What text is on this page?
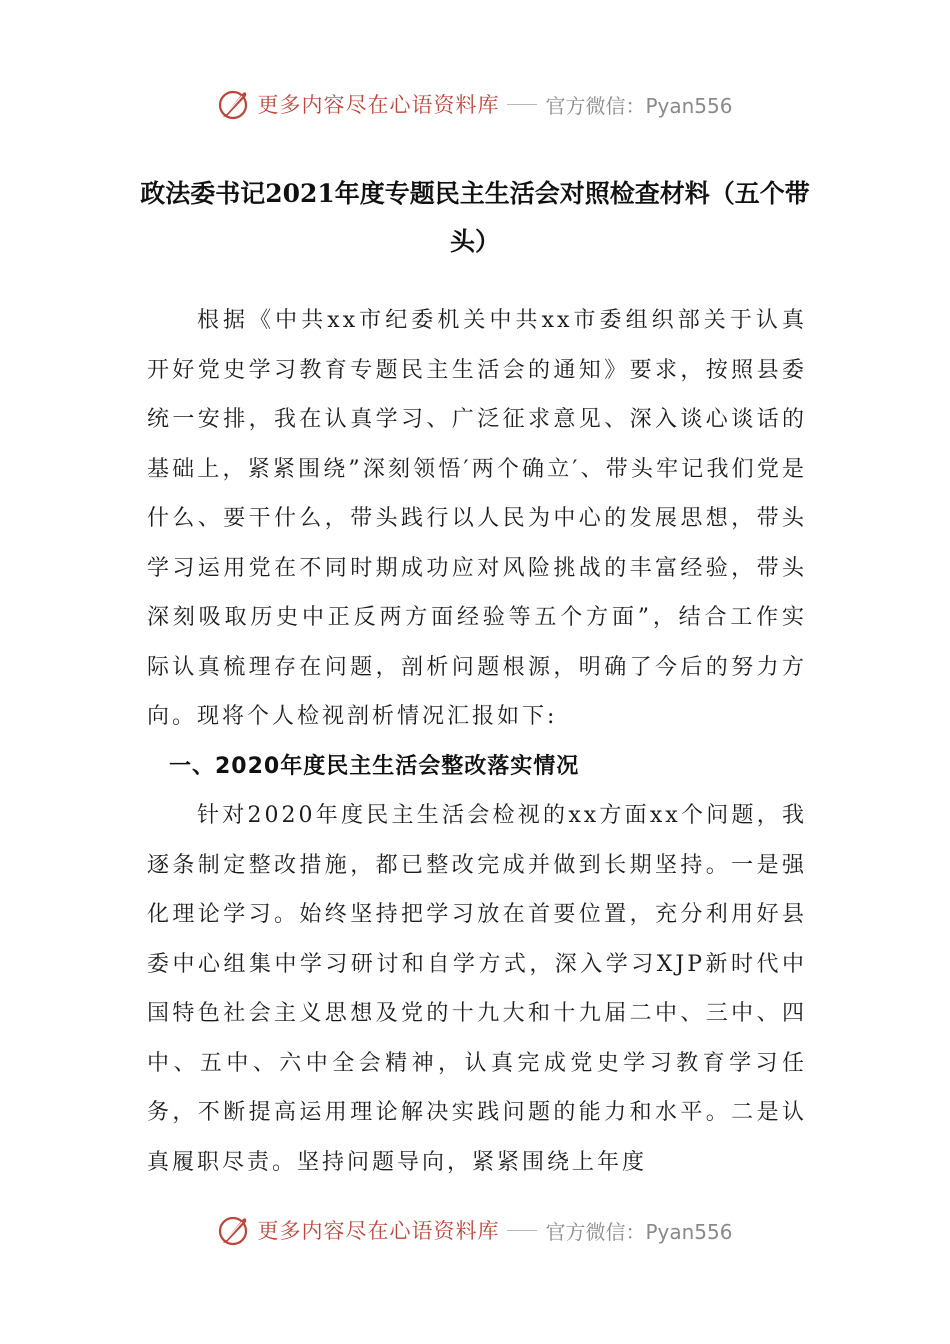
更多内容尽在心语资料库 官方微信：Pyan556
政法委书记2021年度专题民主生活会对照检查材料（五个带头）

根据《中共xx市纪委机关中共xx市委组织部关于认真开好党史学习教育专题民主生活会的通知》要求，按照县委统一安排，我在认真学习、广泛征求意见、深入谈心谈话的基础上，紧紧围绕”深刻领悟′两个确立′、带头牢记我们党是什么、要干什么，带头践行以人民为中心的发展思想，带头学习运用党在不同时期成功应对风险挑战的丰富经验，带头深刻吸取历史中正反两方面经验等五个方面”，结合工作实际认真梳理存在问题，剖析问题根源，明确了今后的努力方向。现将个人检视剖析情况汇报如下:

一、2020年度民主生活会整改落实情况

针对2020年度民主生活会检视的xx方面xx个问题，我逐条制定整改措施，都已整改完成并做到长期坚持。一是强化理论学习。始终坚持把学习放在首要位置，充分利用好县委中心组集中学习研讨和自学方式，深入学习XJP新时代中国特色社会主义思想及党的十九大和十九届二中、三中、四中、五中、六中全会精神，认真完成党史学习教育学习任务，不断提高运用理论解决实践问题的能力和水平。二是认真履职尽责。坚持问题导向，紧紧围绕上年度

更多内容尽在心语资料库 官方微信：Pyan556
